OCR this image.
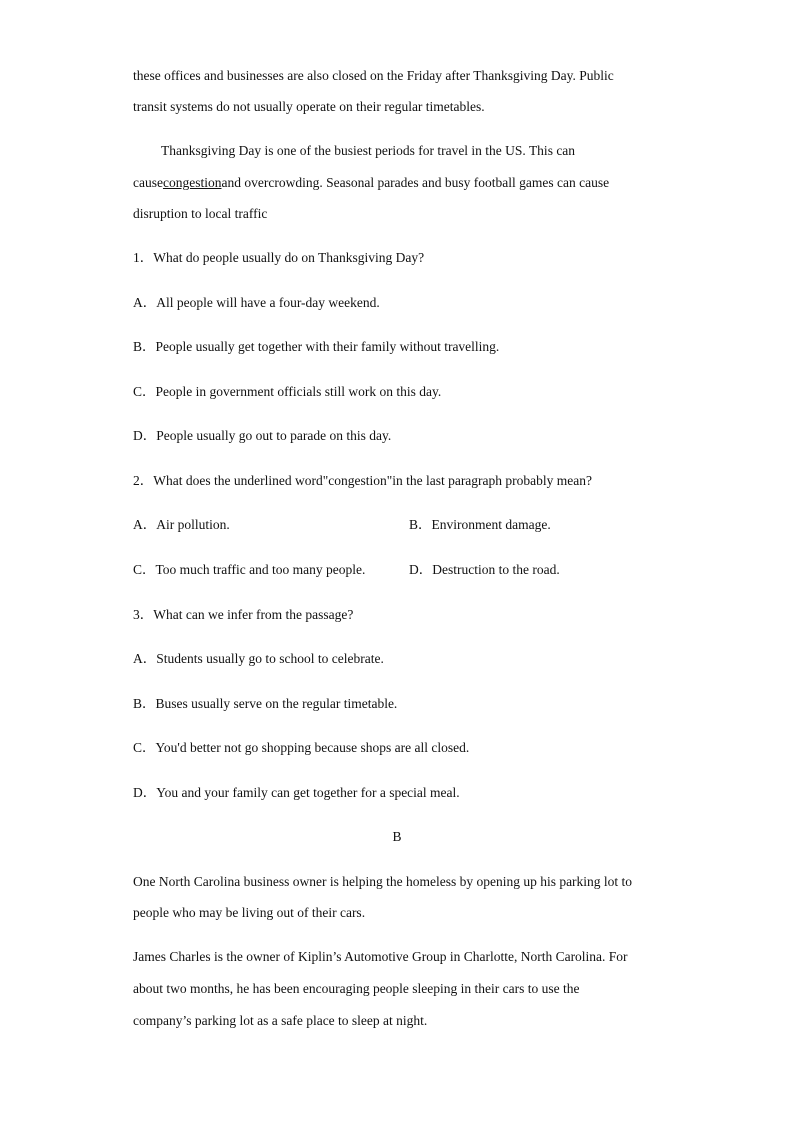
these offices and businesses are also closed on the Friday after Thanksgiving Day. Public
transit systems do not usually operate on their regular timetables.
Thanksgiving Day is one of the busiest periods for travel in the US. This can
causecongestionand overcrowding. Seasonal parades and busy football games can cause
disruption to local traffic
1．What do people usually do on Thanksgiving Day?
A．All people will have a four-day weekend.
B．People usually get together with their family without travelling.
C．People in government officials still work on this day.
D．People usually go out to parade on this day.
2．What does the underlined word"congestion"in the last paragraph probably mean?
A．Air pollution.	B．Environment damage.
C．Too much traffic and too many people.	D．Destruction to the road.
3．What can we infer from the passage?
A．Students usually go to school to celebrate.
B．Buses usually serve on the regular timetable.
C．You'd better not go shopping because shops are all closed.
D．You and your family can get together for a special meal.
B
One North Carolina business owner is helping the homeless by opening up his parking lot to
people who may be living out of their cars.
James Charles is the owner of Kiplin’s Automotive Group in Charlotte, North Carolina. For
about two months, he has been encouraging people sleeping in their cars to use the
company’s parking lot as a safe place to sleep at night.
